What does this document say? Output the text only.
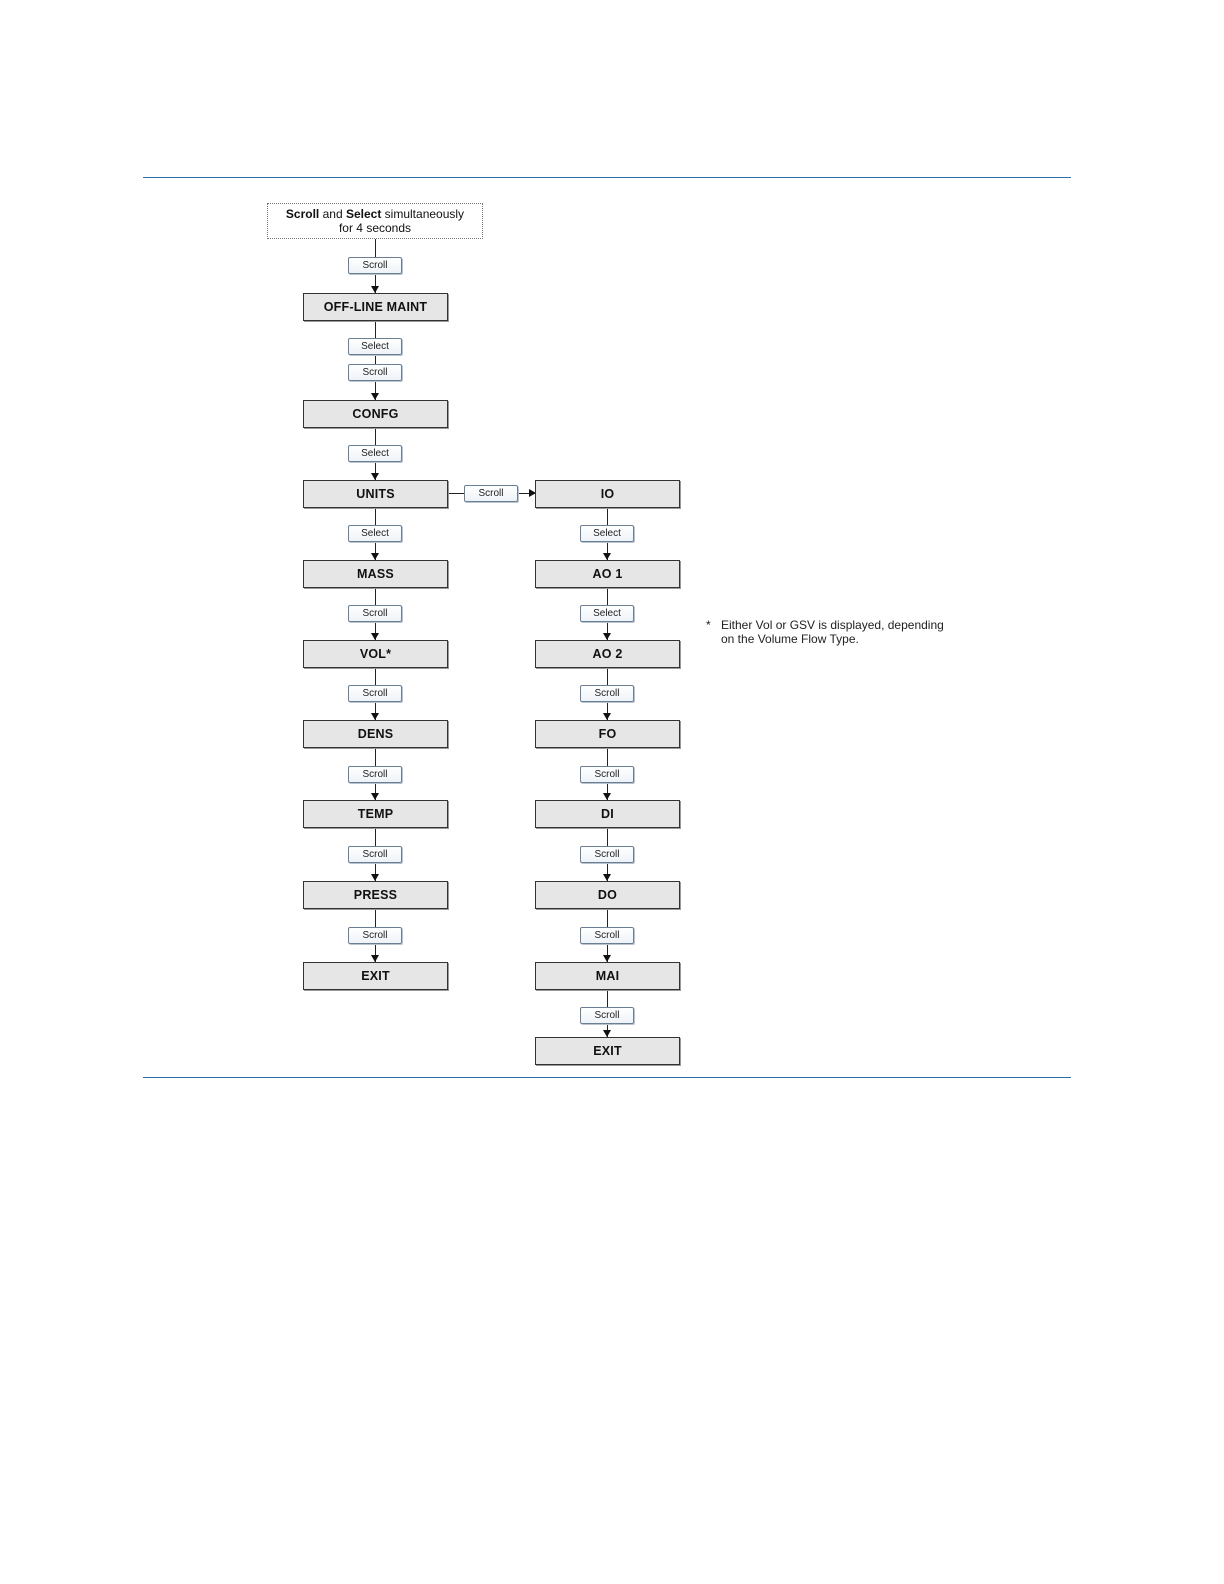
Scroll and Select simultaneously
for 4 seconds
OFF-LINE MAINT
CONFG
UNITS
MASS
VOL*
DENS
TEMP
PRESS
EXIT
IO
AO 1
AO 2
FO
DI
DO
MAI
EXIT
Scroll
Select
Scroll
Select
Select
Scroll
Scroll
Scroll
Scroll
Scroll
Scroll
Select
Select
Scroll
Scroll
Scroll
Scroll
Scroll
* Either Vol or GSV is displayed, depending
on the Volume Flow Type.
